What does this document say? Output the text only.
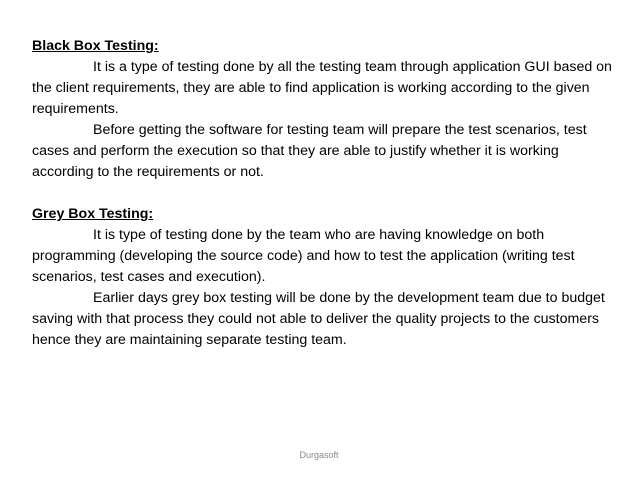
Black Box Testing:

It is a type of testing done by all the testing team through application GUI based on the client requirements, they are able to find application is working according to the given requirements.

Before getting the software for testing team will prepare the test scenarios, test cases and perform the execution so that they are able to justify whether it is working according to the requirements or not.

Grey Box Testing:

It is type of testing done by the team who are having knowledge on both programming (developing the source code) and how to test the application (writing test scenarios, test cases and execution).

Earlier days grey box testing will be done by the development team due to budget saving with that process they could not able to deliver the quality projects to the customers hence they are maintaining separate testing team.

Durgasoft
